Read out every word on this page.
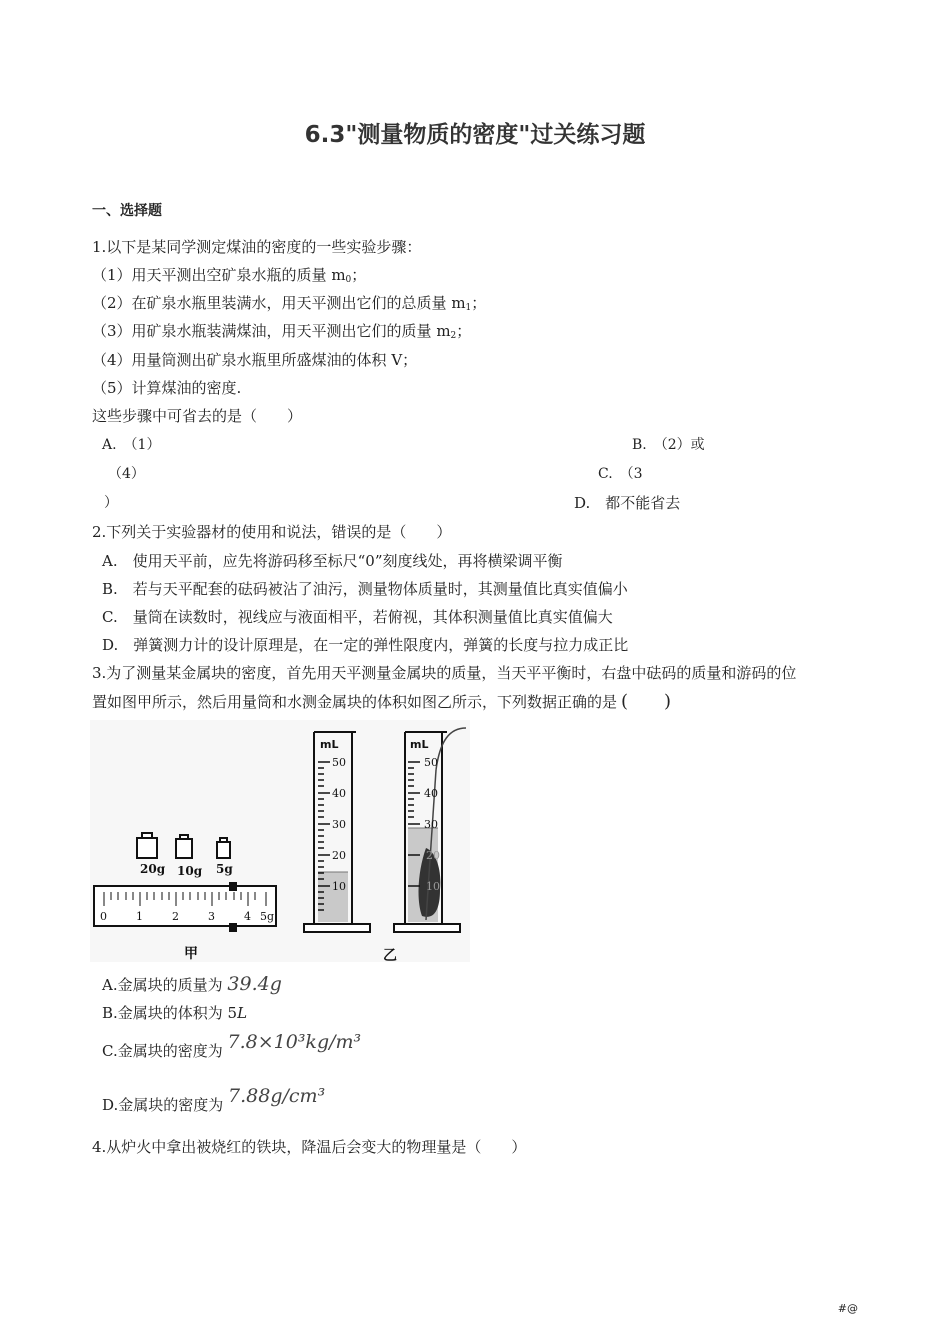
6.3"测量物质的密度"过关练习题
一、选择题
1.以下是某同学测定煤油的密度的一些实验步骤：
（1）用天平测出空矿泉水瓶的质量 $m_0$；
（2）在矿泉水瓶里装满水，用天平测出它们的总质量 $m_1$；
（3）用矿泉水瓶装满煤油，用天平测出它们的质量 $m_2$；
（4）用量筒测出矿泉水瓶里所盛煤油的体积 V；
（5）计算煤油的密度.
这些步骤中可省去的是（　　）
A.　（1）	B.　（2）或
（4）	C.　（3
）	D.　都不能省去
2.下列关于实验器材的使用和说法，错误的是（　　）
A.　使用天平前，应先将游码移至标尺“0”刻度线处，再将横梁调平衡
B.　若与天平配套的砝码被沾了油污，测量物体质量时，其测量值比真实值偏小
C.　量筒在读数时，视线应与液面相平，若俯视，其体积测量值比真实值偏大
D.　弹簧测力计的设计原理是，在一定的弹性限度内，弹簧的长度与拉力成正比
3.为了测量某金属块的密度，首先用天平测量金属块的质量，当天平平衡时，右盘中砝码的质量和游码的位
置如图甲所示，然后用量筒和水测金属块的体积如图乙所示，下列数据正确的是 (　　)
20g 10g 5g
0	1	2	3	4 5g
甲
mL
50
40
30
20
10
mL
50
40
30
20
10
乙
A.金属块的质量为 39.4g
B.金属块的体积为 5L
C.金属块的密度为 7.8×10³kg/m³
D.金属块的密度为 7.88g/cm³
4.从炉火中拿出被烧红的铁块，降温后会变大的物理量是（　　）
#@
